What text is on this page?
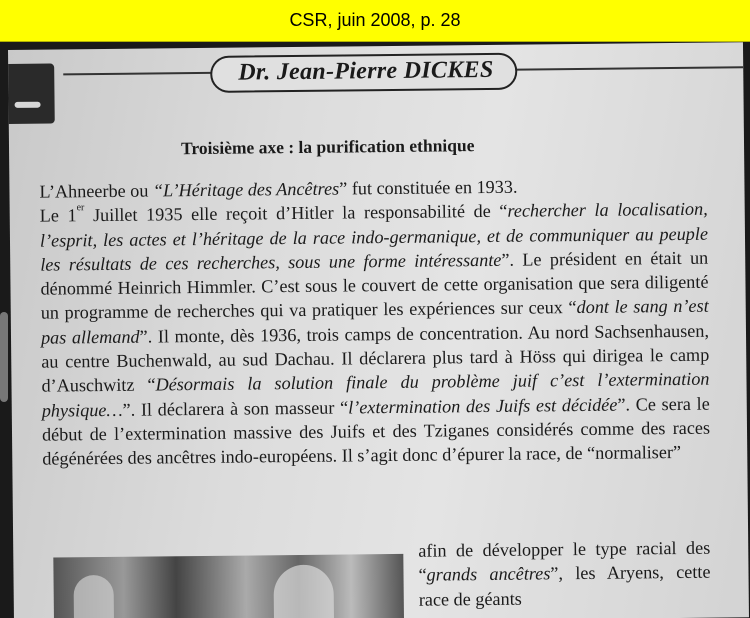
CSR, juin 2008, p. 28
Dr. Jean-Pierre DICKES
Troisième axe : la purification ethnique

L’Ahneerbe ou “L’Héritage des Ancêtres” fut constituée en 1933.

Le 1er Juillet 1935 elle reçoit d’Hitler la responsabilité de “rechercher la localisation, l’esprit, les actes et l’héritage de la race indo-germanique, et de communiquer au peuple les résultats de ces recherches, sous une forme intéressante”. Le président en était un dénommé Heinrich Himmler. C’est sous le couvert de cette organisation que sera diligenté un programme de recherches qui va pratiquer les expériences sur ceux “dont le sang n’est pas allemand”. Il monte, dès 1936, trois camps de concentration. Au nord Sachsenhausen, au centre Buchenwald, au sud Dachau. Il déclarera plus tard à Höss qui dirigea le camp d’Auschwitz “Désormais la solution finale du problème juif c’est l’extermination physique…”. Il déclarera à son masseur “l’extermination des Juifs est décidée”. Ce sera le début de l’extermination massive des Juifs et des Tziganes considérés comme des races dégénérées des ancêtres indo-européens. Il s’agit donc d’épurer la race, de “normaliser”

afin de développer le type racial des “grands ancêtres”, les Aryens, cette race de géants
